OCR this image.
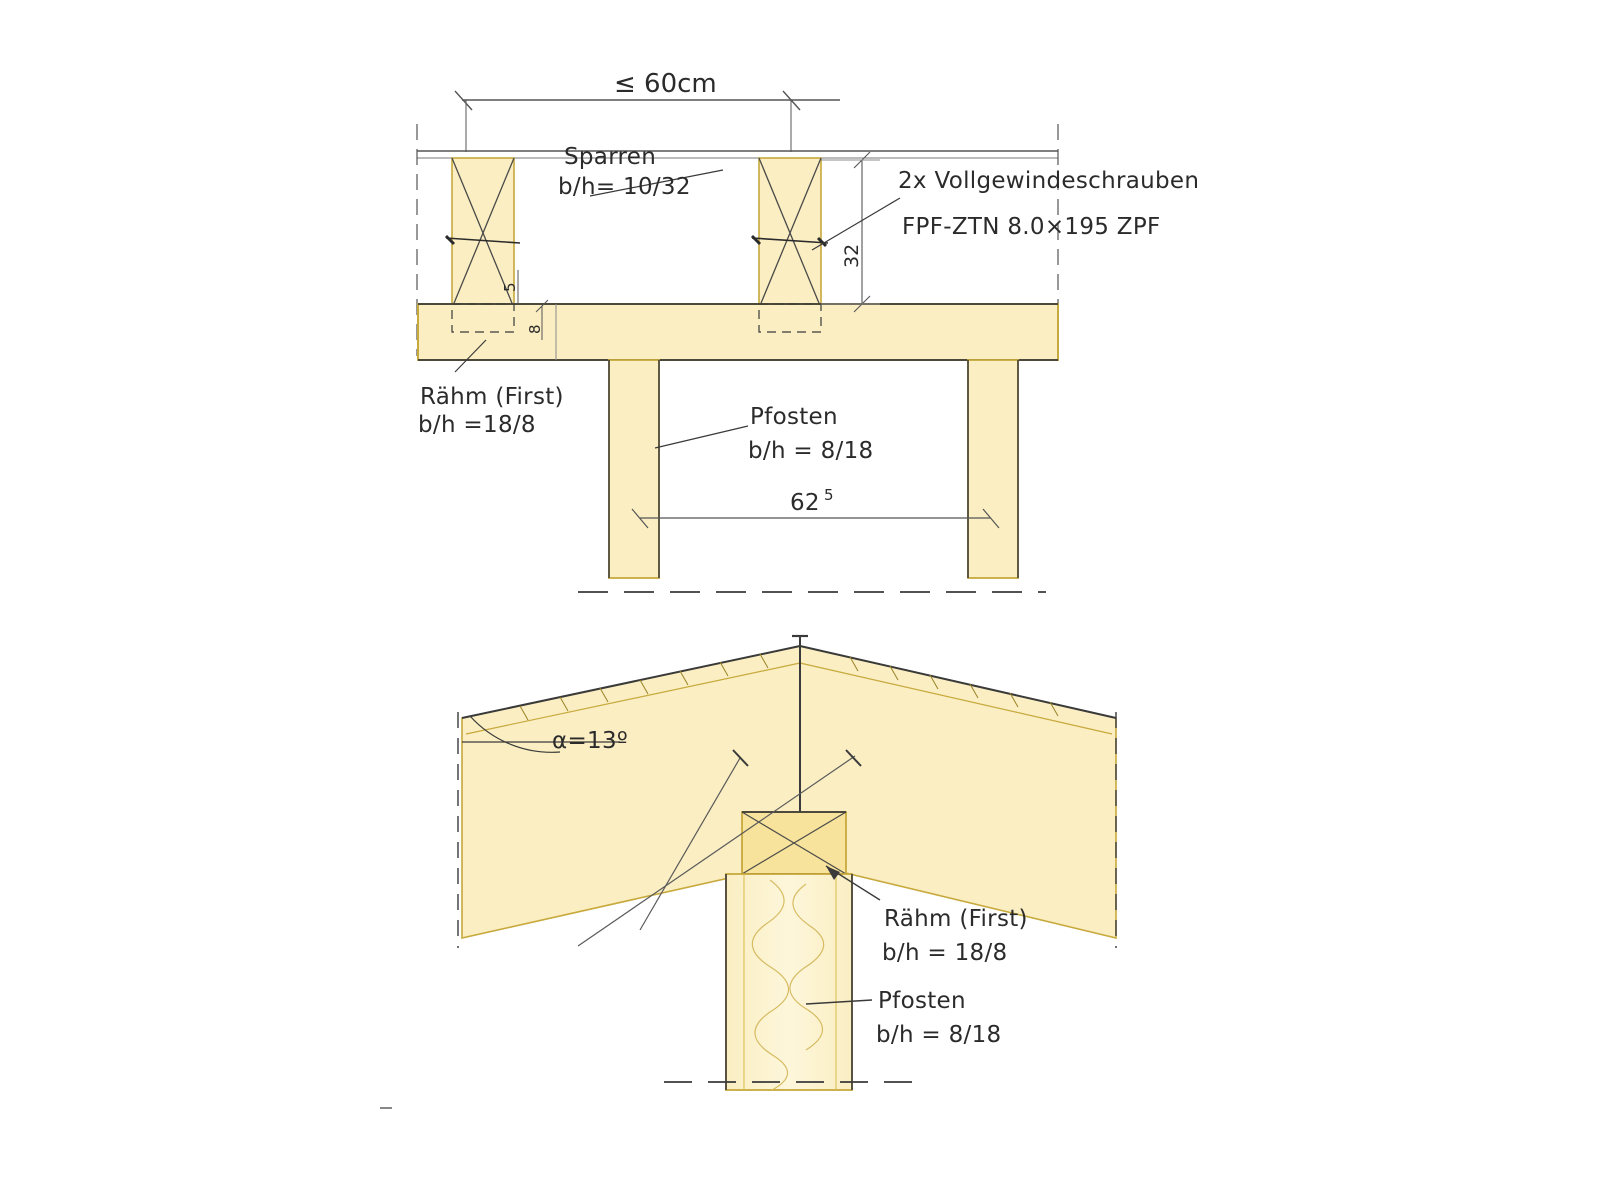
≤ 60cm
32
5
8
62 5
Sparren
b/h= 10/32	2x Vollgewindeschrauben
FPF-ZTN 8.0×195 ZPF
Rähm (First)
b/h =18/8	Pfosten
b/h = 8/18
α=13º
Rähm (First)
b/h = 18/8
Pfosten
b/h = 8/18
